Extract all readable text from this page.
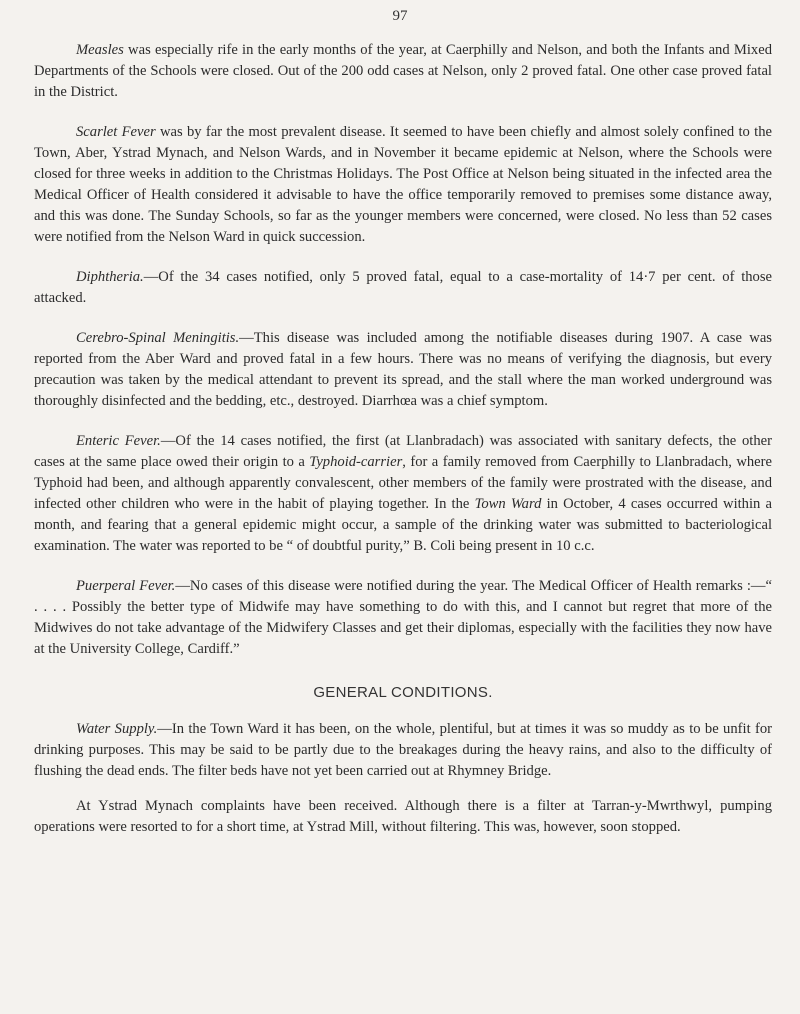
97

Measles was especially rife in the early months of the year, at Caerphilly and Nelson, and both the Infants and Mixed Departments of the Schools were closed. Out of the 200 odd cases at Nelson, only 2 proved fatal. One other case proved fatal in the District.

Scarlet Fever was by far the most prevalent disease. It seemed to have been chiefly and almost solely confined to the Town, Aber, Ystrad Mynach, and Nelson Wards, and in November it became epidemic at Nelson, where the Schools were closed for three weeks in addition to the Christmas Holidays. The Post Office at Nelson being situated in the infected area the Medical Officer of Health considered it advisable to have the office temporarily removed to premises some distance away, and this was done. The Sunday Schools, so far as the younger members were concerned, were closed. No less than 52 cases were notified from the Nelson Ward in quick succession.

Diphtheria.—Of the 34 cases notified, only 5 proved fatal, equal to a case-mortality of 14·7 per cent. of those attacked.

Cerebro-Spinal Meningitis.—This disease was included among the notifiable diseases during 1907. A case was reported from the Aber Ward and proved fatal in a few hours. There was no means of verifying the diagnosis, but every precaution was taken by the medical attendant to prevent its spread, and the stall where the man worked underground was thoroughly disinfected and the bedding, etc., destroyed. Diarrhœa was a chief symptom.

Enteric Fever.—Of the 14 cases notified, the first (at Llanbradach) was associated with sanitary defects, the other cases at the same place owed their origin to a Typhoid-carrier, for a family removed from Caerphilly to Llanbradach, where Typhoid had been, and although apparently convalescent, other members of the family were prostrated with the disease, and infected other children who were in the habit of playing together. In the Town Ward in October, 4 cases occurred within a month, and fearing that a general epidemic might occur, a sample of the drinking water was submitted to bacteriological examination. The water was reported to be “ of doubtful purity,” B. Coli being present in 10 c.c.

Puerperal Fever.—No cases of this disease were notified during the year. The Medical Officer of Health remarks :—“ . . . . Possibly the better type of Midwife may have something to do with this, and I cannot but regret that more of the Midwives do not take advantage of the Midwifery Classes and get their diplomas, especially with the facilities they now have at the University College, Cardiff.”

GENERAL CONDITIONS.

Water Supply.—In the Town Ward it has been, on the whole, plentiful, but at times it was so muddy as to be unfit for drinking purposes. This may be said to be partly due to the breakages during the heavy rains, and also to the difficulty of flushing the dead ends. The filter beds have not yet been carried out at Rhymney Bridge.

At Ystrad Mynach complaints have been received. Although there is a filter at Tarran-y-Mwrthwyl, pumping operations were resorted to for a short time, at Ystrad Mill, without filtering. This was, however, soon stopped.
